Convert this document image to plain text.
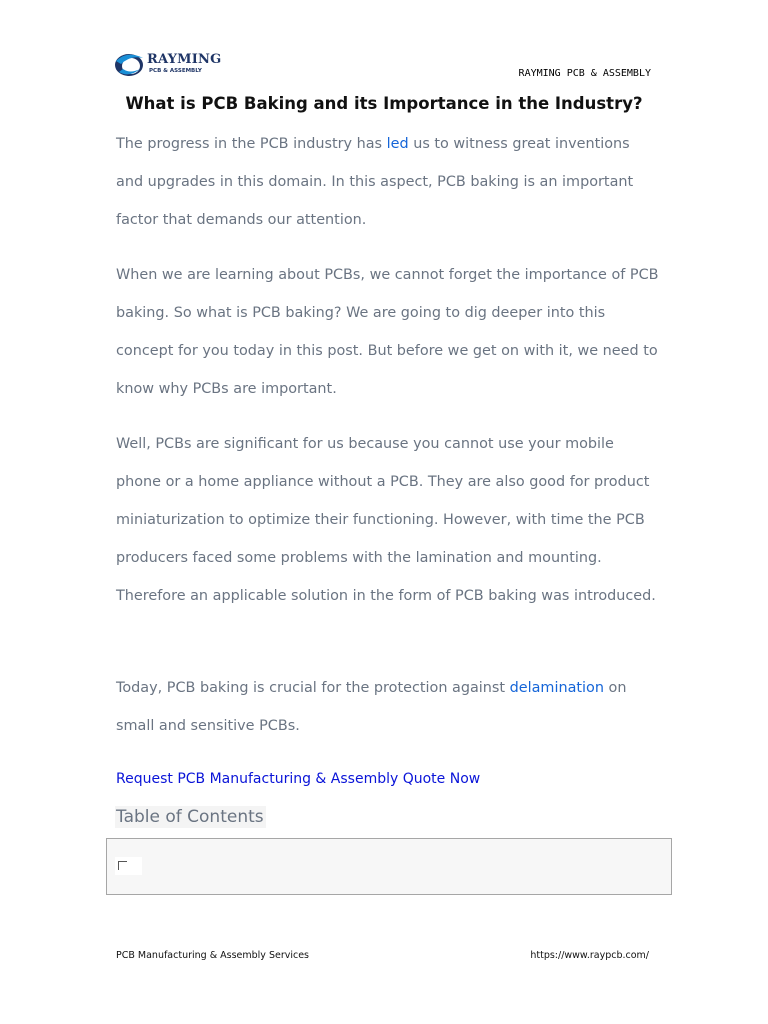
RAYMING
PCB & ASSEMBLY	RAYMING PCB & ASSEMBLY
What is PCB Baking and its Importance in the Industry?

The progress in the PCB industry has led us to witness great inventions and upgrades in this domain. In this aspect, PCB baking is an important factor that demands our attention.

When we are learning about PCBs, we cannot forget the importance of PCB baking. So what is PCB baking? We are going to dig deeper into this concept for you today in this post. But before we get on with it, we need to know why PCBs are important.

Well, PCBs are significant for us because you cannot use your mobile phone or a home appliance without a PCB. They are also good for product miniaturization to optimize their functioning. However, with time the PCB producers faced some problems with the lamination and mounting. Therefore an applicable solution in the form of PCB baking was introduced.

Today, PCB baking is crucial for the protection against delamination on small and sensitive PCBs.

Request PCB Manufacturing & Assembly Quote Now
Table of Contents
PCB Manufacturing & Assembly Services	https://www.raypcb.com/
